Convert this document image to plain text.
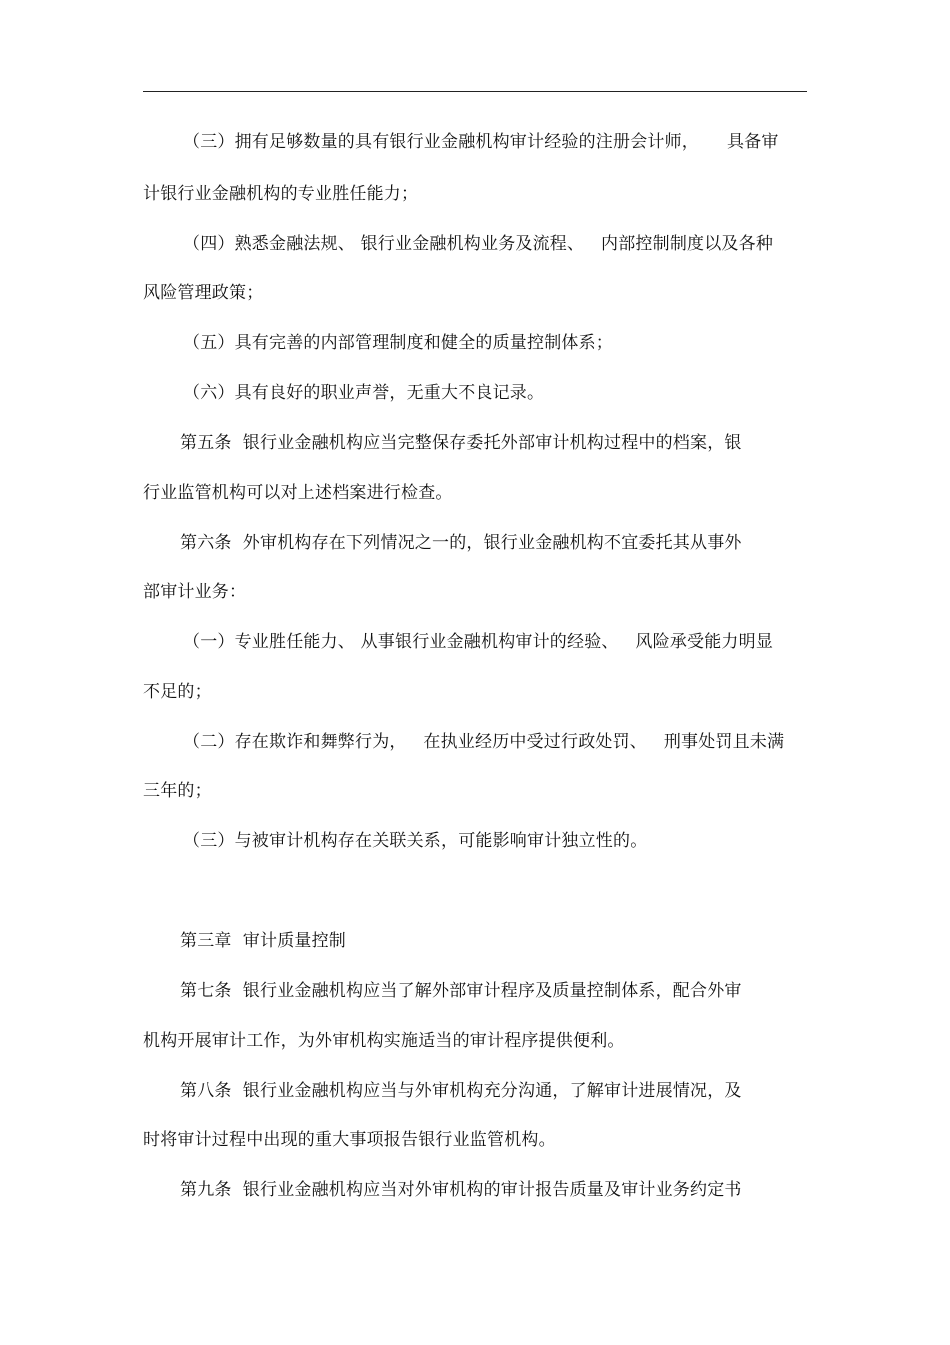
（三）拥有足够数量的具有银行业金融机构审计经验的注册会计师，     具备审
计银行业金融机构的专业胜任能力；
（四）熟悉金融法规、 银行业金融机构业务及流程、   内部控制制度以及各种
风险管理政策；
（五）具有完善的内部管理制度和健全的质量控制体系；
（六）具有良好的职业声誉，无重大不良记录。
第五条  银行业金融机构应当完整保存委托外部审计机构过程中的档案，银
行业监管机构可以对上述档案进行检查。
第六条  外审机构存在下列情况之一的，银行业金融机构不宜委托其从事外
部审计业务：
（一）专业胜任能力、 从事银行业金融机构审计的经验、   风险承受能力明显
不足的；
（二）存在欺诈和舞弊行为，   在执业经历中受过行政处罚、   刑事处罚且未满
三年的；
（三）与被审计机构存在关联关系，可能影响审计独立性的。
第三章  审计质量控制
第七条  银行业金融机构应当了解外部审计程序及质量控制体系，配合外审
机构开展审计工作，为外审机构实施适当的审计程序提供便利。
第八条  银行业金融机构应当与外审机构充分沟通，了解审计进展情况，及
时将审计过程中出现的重大事项报告银行业监管机构。
第九条  银行业金融机构应当对外审机构的审计报告质量及审计业务约定书
